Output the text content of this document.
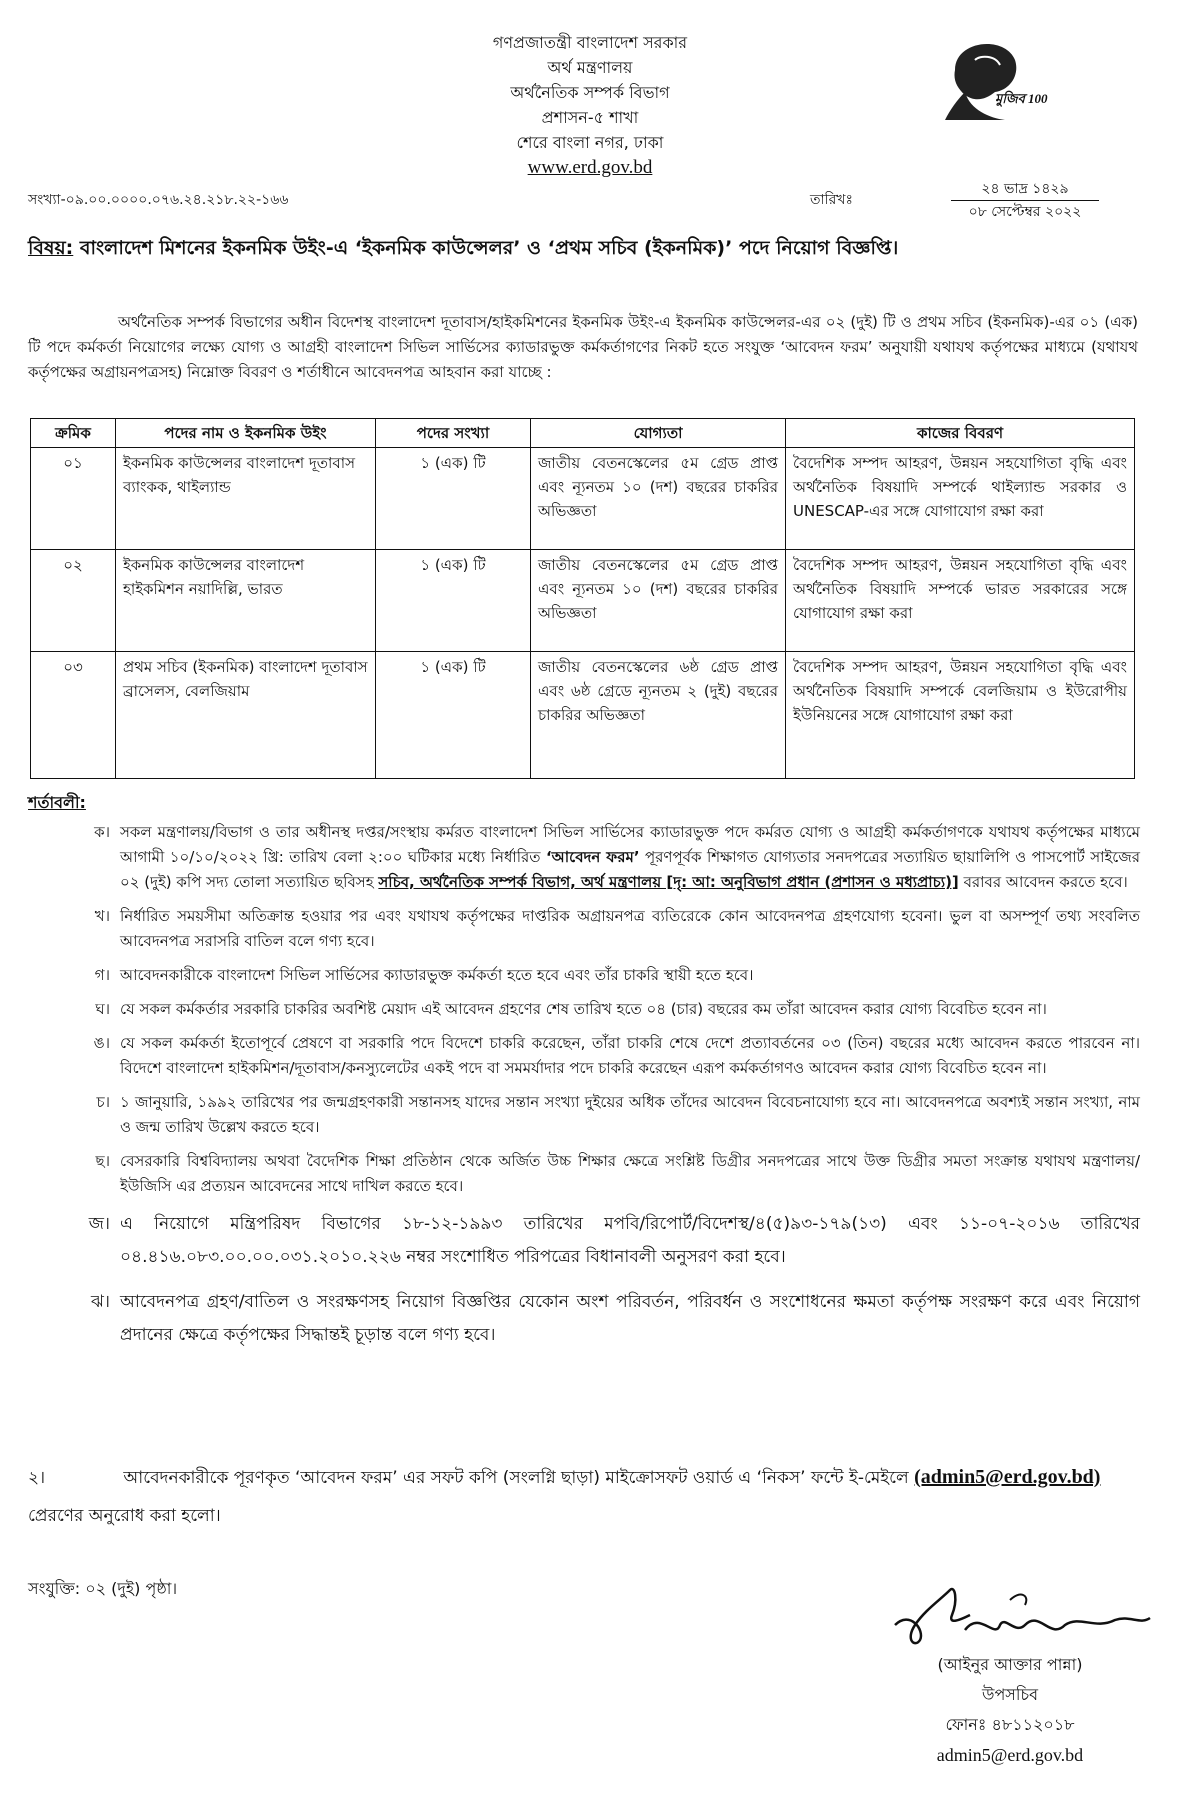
গণপ্রজাতন্ত্রী বাংলাদেশ সরকার
অর্থ মন্ত্রণালয়
অর্থনৈতিক সম্পর্ক বিভাগ
প্রশাসন-৫ শাখা
শেরে বাংলা নগর, ঢাকা
www.erd.gov.bd
মুজিব 100
সংখ্যা-০৯.০০.০০০০.০৭৬.২৪.২১৮.২২-১৬৬	তারিখঃ
২৪ ভাদ্র ১৪২৯
০৮ সেপ্টেম্বর ২০২২
বিষয়: বাংলাদেশ মিশনের ইকনমিক উইং-এ ‘ইকনমিক কাউন্সেলর’ ও ‘প্রথম সচিব (ইকনমিক)’ পদে নিয়োগ বিজ্ঞপ্তি।
অর্থনৈতিক সম্পর্ক বিভাগের অধীন বিদেশস্থ বাংলাদেশ দূতাবাস/হাইকমিশনের ইকনমিক উইং-এ ইকনমিক কাউন্সেলর-এর ০২ (দুই) টি ও প্রথম সচিব (ইকনমিক)-এর ০১ (এক) টি পদে কর্মকর্তা নিয়োগের লক্ষ্যে যোগ্য ও আগ্রহী বাংলাদেশ সিভিল সার্ভিসের ক্যাডারভুক্ত কর্মকর্তাগণের নিকট হতে সংযুক্ত ‘আবেদন ফরম’ অনুযায়ী যথাযথ কর্তৃপক্ষের মাধ্যমে (যথাযথ কর্তৃপক্ষের অগ্রায়নপত্রসহ) নিম্নোক্ত বিবরণ ও শর্তাধীনে আবেদনপত্র আহবান করা যাচ্ছে :
ক্রমিক	পদের নাম ও ইকনমিক উইং	পদের সংখ্যা	যোগ্যতা	কাজের বিবরণ
০১	ইকনমিক কাউন্সেলর বাংলাদেশ দূতাবাস ব্যাংকক, থাইল্যান্ড	১ (এক) টি	জাতীয় বেতনস্কেলের ৫ম গ্রেড প্রাপ্ত এবং ন্যূনতম ১০ (দশ) বছরের চাকরির অভিজ্ঞতা	বৈদেশিক সম্পদ আহরণ, উন্নয়ন সহযোগিতা বৃদ্ধি এবং অর্থনৈতিক বিষয়াদি সম্পর্কে থাইল্যান্ড সরকার ও UNESCAP-এর সঙ্গে যোগাযোগ রক্ষা করা
০২	ইকনমিক কাউন্সেলর বাংলাদেশ হাইকমিশন নয়াদিল্লি, ভারত	১ (এক) টি	জাতীয় বেতনস্কেলের ৫ম গ্রেড প্রাপ্ত এবং ন্যূনতম ১০ (দশ) বছরের চাকরির অভিজ্ঞতা	বৈদেশিক সম্পদ আহরণ, উন্নয়ন সহযোগিতা বৃদ্ধি এবং অর্থনৈতিক বিষয়াদি সম্পর্কে ভারত সরকারের সঙ্গে যোগাযোগ রক্ষা করা
০৩	প্রথম সচিব (ইকনমিক) বাংলাদেশ দূতাবাস ব্রাসেলস, বেলজিয়াম	১ (এক) টি	জাতীয় বেতনস্কেলের ৬ষ্ঠ গ্রেড প্রাপ্ত এবং ৬ষ্ঠ গ্রেডে ন্যূনতম ২ (দুই) বছরের চাকরির অভিজ্ঞতা	বৈদেশিক সম্পদ আহরণ, উন্নয়ন সহযোগিতা বৃদ্ধি এবং অর্থনৈতিক বিষয়াদি সম্পর্কে বেলজিয়াম ও ইউরোপীয় ইউনিয়নের সঙ্গে যোগাযোগ রক্ষা করা
শর্তাবলী:
ক। সকল মন্ত্রণালয়/বিভাগ ও তার অধীনস্থ দপ্তর/সংস্থায় কর্মরত বাংলাদেশ সিভিল সার্ভিসের ক্যাডারভুক্ত পদে কর্মরত যোগ্য ও আগ্রহী কর্মকর্তাগণকে যথাযথ কর্তৃপক্ষের মাধ্যমে আগামী ১০/১০/২০২২ খ্রি: তারিখ বেলা ২:০০ ঘটিকার মধ্যে নির্ধারিত ‘আবেদন ফরম’ পূরণপূর্বক শিক্ষাগত যোগ্যতার সনদপত্রের সত্যায়িত ছায়ালিপি ও পাসপোর্ট সাইজের ০২ (দুই) কপি সদ্য তোলা সত্যায়িত ছবিসহ সচিব, অর্থনৈতিক সম্পর্ক বিভাগ, অর্থ মন্ত্রণালয় [দৃ: আ: অনুবিভাগ প্রধান (প্রশাসন ও মধ্যপ্রাচ্য)] বরাবর আবেদন করতে হবে।
খ। নির্ধারিত সময়সীমা অতিক্রান্ত হওয়ার পর এবং যথাযথ কর্তৃপক্ষের দাপ্তরিক অগ্রায়নপত্র ব্যতিরেকে কোন আবেদনপত্র গ্রহণযোগ্য হবেনা। ভুল বা অসম্পূর্ণ তথ্য সংবলিত আবেদনপত্র সরাসরি বাতিল বলে গণ্য হবে।
গ। আবেদনকারীকে বাংলাদেশ সিভিল সার্ভিসের ক্যাডারভুক্ত কর্মকর্তা হতে হবে এবং তাঁর চাকরি স্থায়ী হতে হবে।
ঘ। যে সকল কর্মকর্তার সরকারি চাকরির অবশিষ্ট মেয়াদ এই আবেদন গ্রহণের শেষ তারিখ হতে ০৪ (চার) বছরের কম তাঁরা আবেদন করার যোগ্য বিবেচিত হবেন না।
ঙ। যে সকল কর্মকর্তা ইতোপূর্বে প্রেষণে বা সরকারি পদে বিদেশে চাকরি করেছেন, তাঁরা চাকরি শেষে দেশে প্রত্যাবর্তনের ০৩ (তিন) বছরের মধ্যে আবেদন করতে পারবেন না। বিদেশে বাংলাদেশ হাইকমিশন/দূতাবাস/কনস্যুলেটের একই পদে বা সমমর্যাদার পদে চাকরি করেছেন এরূপ কর্মকর্তাগণও আবেদন করার যোগ্য বিবেচিত হবেন না।
চ। ১ জানুয়ারি, ১৯৯২ তারিখের পর জন্মগ্রহণকারী সন্তানসহ যাদের সন্তান সংখ্যা দুইয়ের অধিক তাঁদের আবেদন বিবেচনাযোগ্য হবে না। আবেদনপত্রে অবশ্যই সন্তান সংখ্যা, নাম ও জন্ম তারিখ উল্লেখ করতে হবে।
ছ। বেসরকারি বিশ্ববিদ্যালয় অথবা বৈদেশিক শিক্ষা প্রতিষ্ঠান থেকে অর্জিত উচ্চ শিক্ষার ক্ষেত্রে সংশ্লিষ্ট ডিগ্রীর সনদপত্রের সাথে উক্ত ডিগ্রীর সমতা সংক্রান্ত যথাযথ মন্ত্রণালয়/ইউজিসি এর প্রত্যয়ন আবেদনের সাথে দাখিল করতে হবে।
জ। এ নিয়োগে মন্ত্রিপরিষদ বিভাগের ১৮-১২-১৯৯৩ তারিখের মপবি/রিপোর্ট/বিদেশস্থ/৪(৫)৯৩-১৭৯(১৩) এবং ১১-০৭-২০১৬ তারিখের ০৪.৪১৬.০৮৩.০০.০০.০৩১.২০১০.২২৬ নম্বর সংশোধিত পরিপত্রের বিধানাবলী অনুসরণ করা হবে।
ঝ। আবেদনপত্র গ্রহণ/বাতিল ও সংরক্ষণসহ নিয়োগ বিজ্ঞপ্তির যেকোন অংশ পরিবর্তন, পরিবর্ধন ও সংশোধনের ক্ষমতা কর্তৃপক্ষ সংরক্ষণ করে এবং নিয়োগ প্রদানের ক্ষেত্রে কর্তৃপক্ষের সিদ্ধান্তই চূড়ান্ত বলে গণ্য হবে।
২।	আবেদনকারীকে পূরণকৃত ‘আবেদন ফরম’ এর সফট কপি (সংলগ্নি ছাড়া) মাইক্রোসফট ওয়ার্ড এ ‘নিকস’ ফন্টে ই-মেইলে (admin5@erd.gov.bd) প্রেরণের অনুরোধ করা হলো।
সংযুক্তি: ০২ (দুই) পৃষ্ঠা।
(আইনুর আক্তার পান্না)
উপসচিব
ফোনঃ ৪৮১১২০১৮
admin5@erd.gov.bd
